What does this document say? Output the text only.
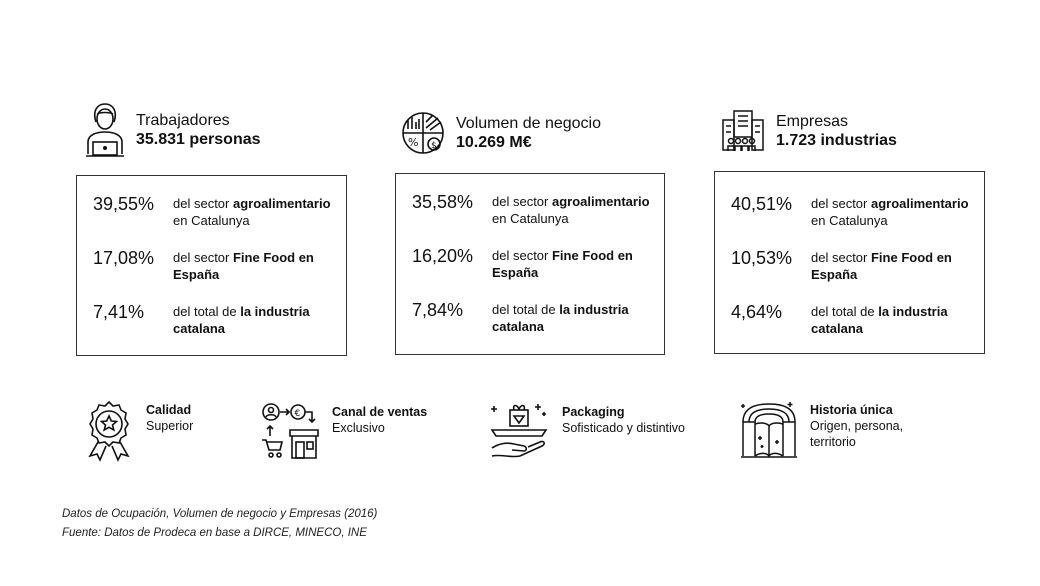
Trabajadores
35.831 personas	% $
Volumen de negocio
10.269 M€
Empresas
1.723 industrias
39,55% del sector agroalimentario en Catalunya
17,08% del sector Fine Food en España
7,41% del total de la industria catalana
35,58% del sector agroalimentario en Catalunya
16,20% del sector Fine Food en España
7,84% del total de la industria catalana
40,51% del sector agroalimentario en Catalunya
10,53% del sector Fine Food en España
4,64% del total de la industria catalana
Calidad
Superior
€	Canal de ventas
Exclusivo
Packaging
Sofisticado y distintivo
Historia única
Origen, persona,
territorio
Datos de Ocupación, Volumen de negocio y Empresas (2016)
Fuente: Datos de Prodeca en base a DIRCE, MINECO, INE
